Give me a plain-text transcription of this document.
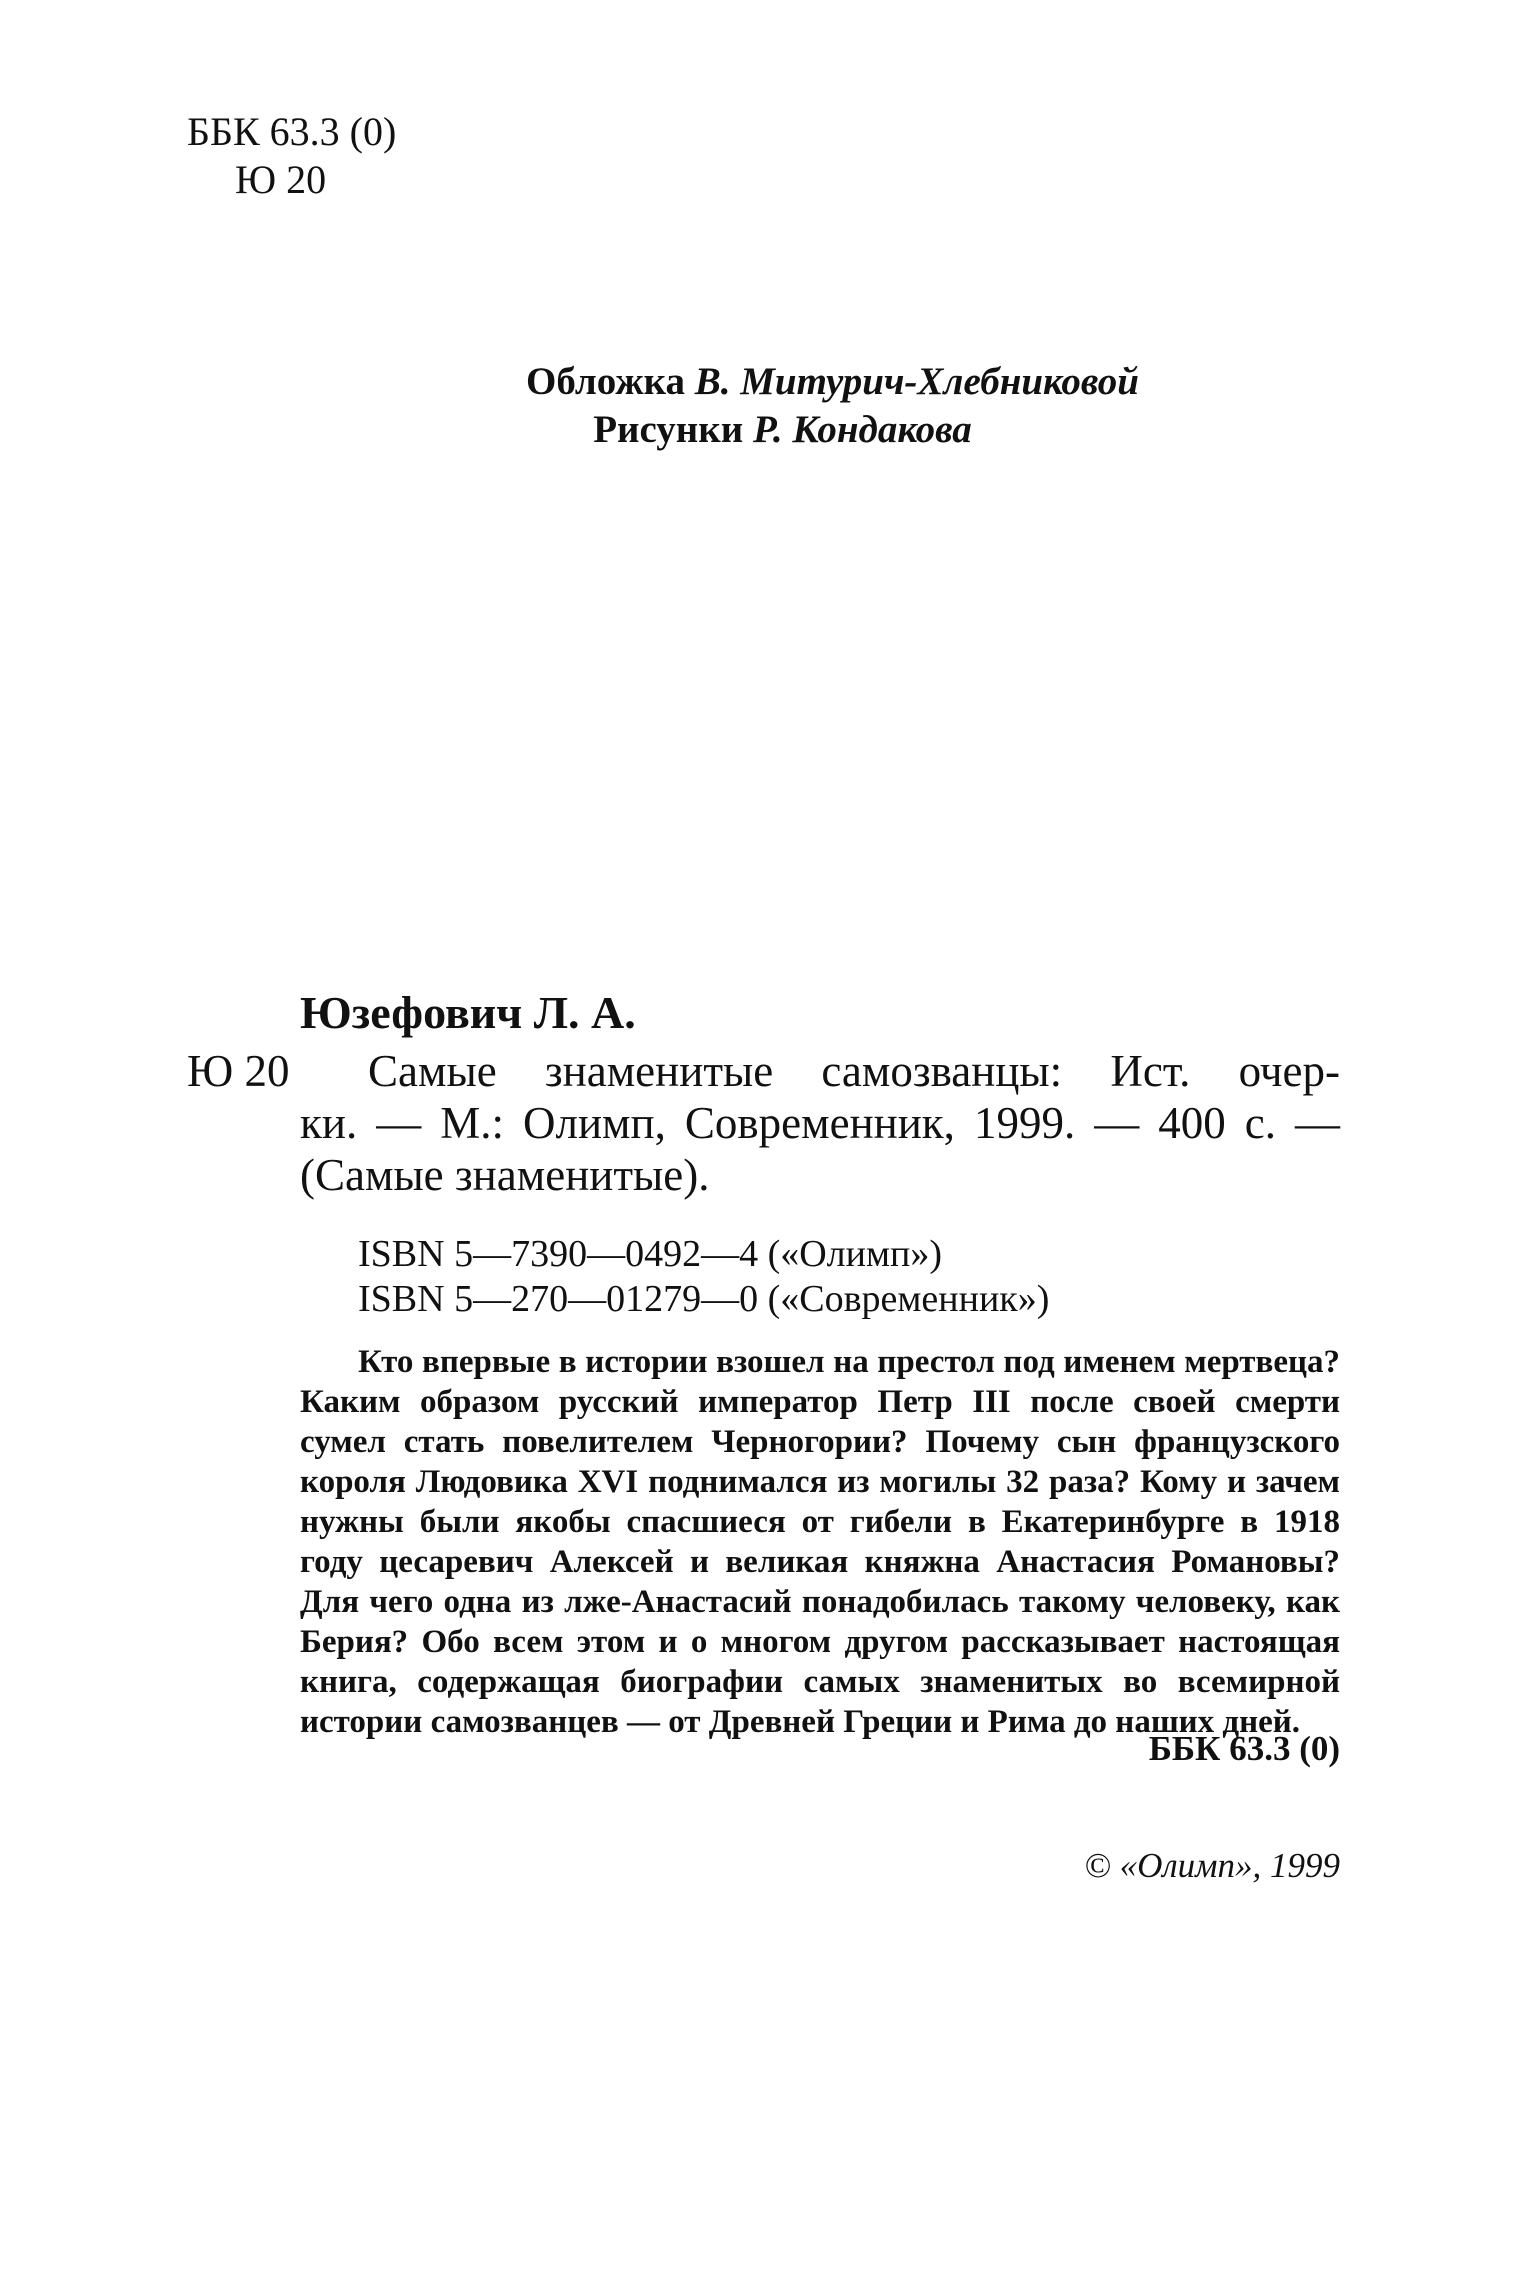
ББК 63.3 (0)
Ю 20
Обложка В. Митурич-Хлебниковой
Рисунки Р. Кондакова
Юзефович Л. А.
Ю 20	Самые знаменитые самозванцы: Ист. очер-
ки. — М.: Олимп, Современник, 1999. — 400 с. — (Самые знаменитые).
ISBN 5—7390—0492—4 («Олимп»)
ISBN 5—270—01279—0 («Современник»)
Кто впервые в истории взошел на престол под именем мертвеца? Каким образом русский император Петр III после своей смерти сумел стать повелителем Черногории? Почему сын французского короля Людовика XVI поднимался из могилы 32 раза? Кому и зачем нужны были якобы спасшиеся от гибели в Екатеринбурге в 1918 году цесаревич Алексей и великая княжна Анастасия Романовы? Для чего одна из лже-Анастасий понадобилась такому человеку, как Берия? Обо всем этом и о многом другом рассказывает настоящая книга, содержащая биографии самых знаменитых во всемирной истории самозванцев — от Древней Греции и Рима до наших дней.
ББК 63.3 (0)
© «Олимп», 1999
